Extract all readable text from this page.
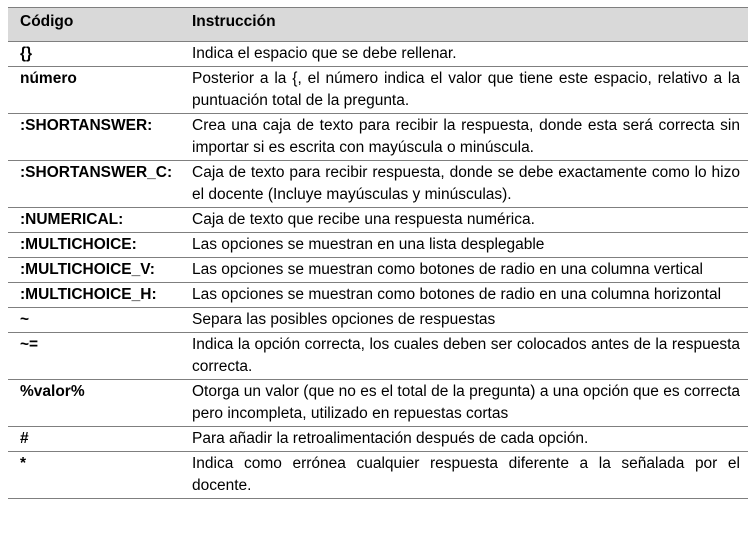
Código	Instrucción
{}	Indica el espacio que se debe rellenar.
número	Posterior a la {, el número indica el valor que tiene este espacio, relativo a la puntuación total de la pregunta.
:SHORTANSWER:	Crea una caja de texto para recibir la respuesta, donde esta será correcta sin importar si es escrita con mayúscula o minúscula.
:SHORTANSWER_C:	Caja de texto para recibir respuesta, donde se debe exactamente como lo hizo el docente (Incluye mayúsculas y minúsculas).
:NUMERICAL:	Caja de texto que recibe una respuesta numérica.
:MULTICHOICE:	Las opciones se muestran en una lista desplegable
:MULTICHOICE_V:	Las opciones se muestran como botones de radio en una columna vertical
:MULTICHOICE_H:	Las opciones se muestran como botones de radio en una columna horizontal
~	Separa las posibles opciones de respuestas
~=	Indica la opción correcta, los cuales deben ser colocados antes de la respuesta correcta.
%valor%	Otorga un valor (que no es el total de la pregunta) a una opción que es correcta pero incompleta, utilizado en repuestas cortas
#	Para añadir la retroalimentación después de cada opción.
*	Indica como errónea cualquier respuesta diferente a la señalada por el docente.
